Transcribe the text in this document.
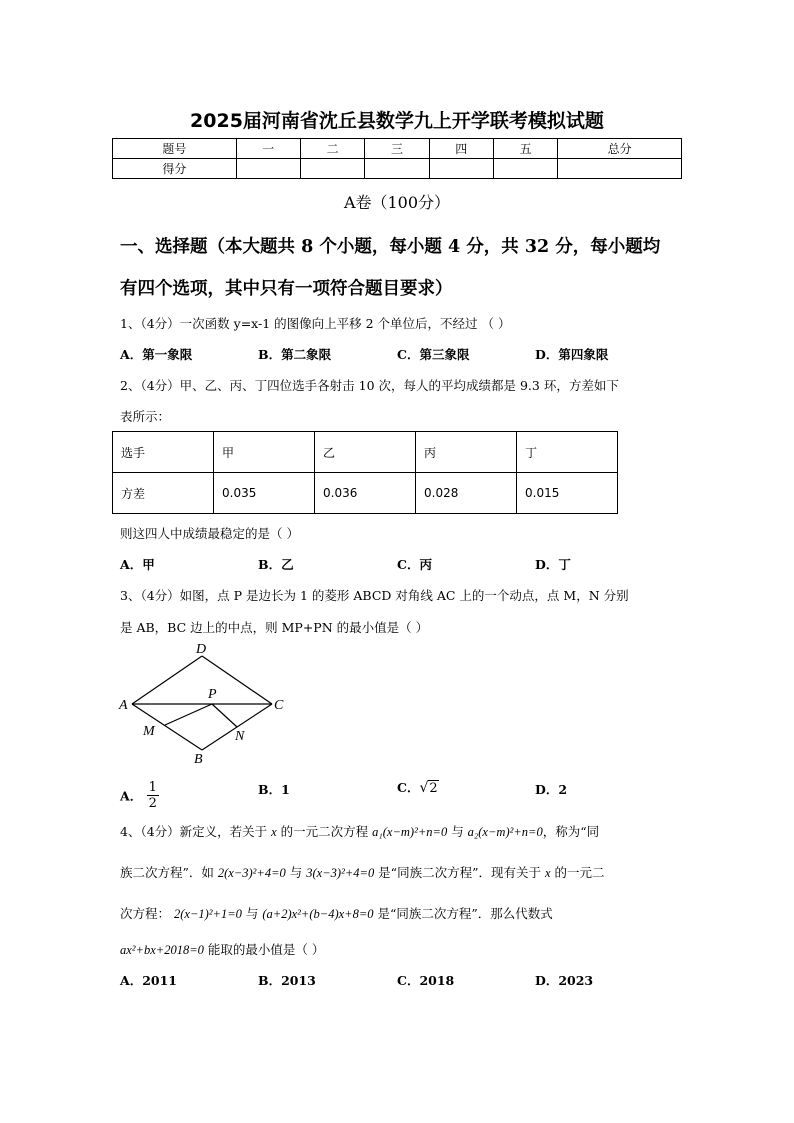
2025届河南省沈丘县数学九上开学联考模拟试题
题号	一	二	三	四	五	总分
得分						
A卷（100分）
一、选择题（本大题共 8 个小题，每小题 4 分，共 32 分，每小题均
有四个选项，其中只有一项符合题目要求）
1、（4分）一次函数 y=x-1 的图像向上平移 2 个单位后，不经过 （ ）
A．第一象限	B．第二象限	C．第三象限	D．第四象限
2、（4分）甲、乙、丙、丁四位选手各射击 10 次，每人的平均成绩都是 9.3 环，方差如下
表所示：
选手	甲	乙	丙	丁
方差	0.035	0.036	0.028	0.015
则这四人中成绩最稳定的是（ ）
A．甲	B．乙	C．丙	D．丁
3、（4分）如图，点 P 是边长为 1 的菱形 ABCD 对角线 AC 上的一个动点，点 M，N 分别
是 AB，BC 边上的中点，则 MP+PN 的最小值是（ ）
D
A	C
P
M	N
B
A． $\frac{1}{2}$	B．1	C．√2	D．2
4、（4分）新定义，若关于 x 的一元二次方程 a₁(x−m)²+n=0 与 a₂(x−m)²+n=0，称为“同
族二次方程”．如 2(x−3)²+4=0 与 3(x−3)²+4=0 是“同族二次方程”．现有关于 x 的一元二
次方程： 2(x−1)²+1=0 与 (a+2)x²+(b−4)x+8=0 是“同族二次方程”．那么代数式
ax²+bx+2018=0 能取的最小值是（ ）
A．2011	B．2013	C．2018	D．2023
